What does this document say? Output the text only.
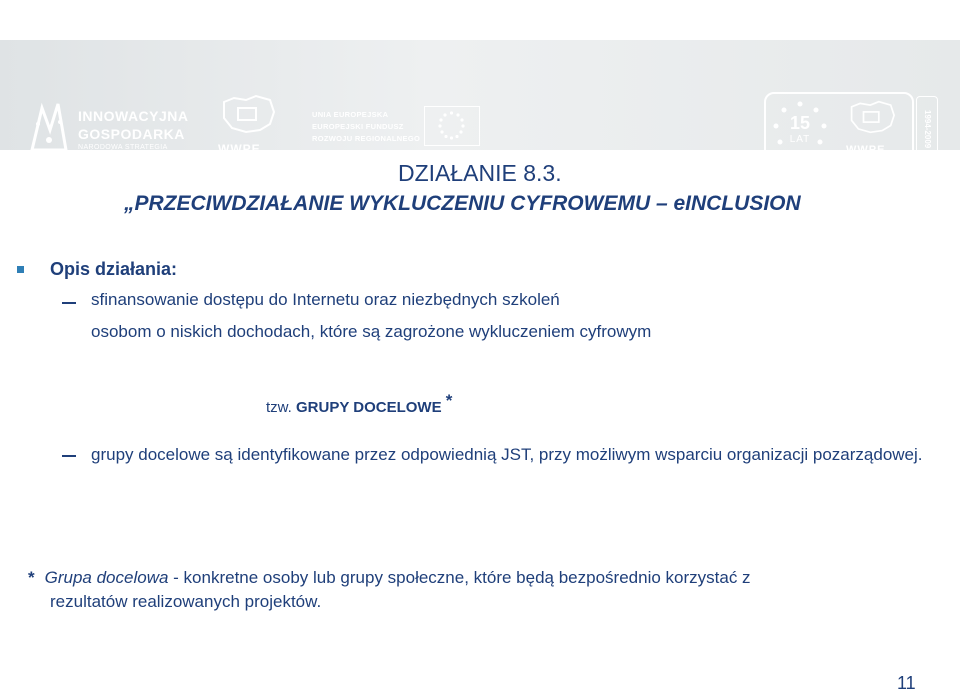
INNOWACYJNA
GOSPODARKA
NARODOWA STRATEGIA SPÓJNOŚCI	WWPE
UNIA EUROPEJSKA
EUROPEJSKI FUNDUSZ
ROZWOJU REGIONALNEGO
15
LAT
WWPE
1994-2009
DZIAŁANIE 8.3.
„PRZECIWDZIAŁANIE WYKLUCZENIU CYFROWEMU – eINCLUSION
Opis działania:
sfinansowanie dostępu do Internetu oraz niezbędnych szkoleń
osobom o niskich dochodach, które są zagrożone wykluczeniem cyfrowym
tzw. GRUPY DOCELOWE *
grupy docelowe są identyfikowane przez odpowiednią JST, przy możliwym wsparciu organizacji pozarządowej.
* Grupa docelowa - konkretne osoby lub grupy społeczne, które będą bezpośrednio korzystać z
rezultatów realizowanych projektów.
11
